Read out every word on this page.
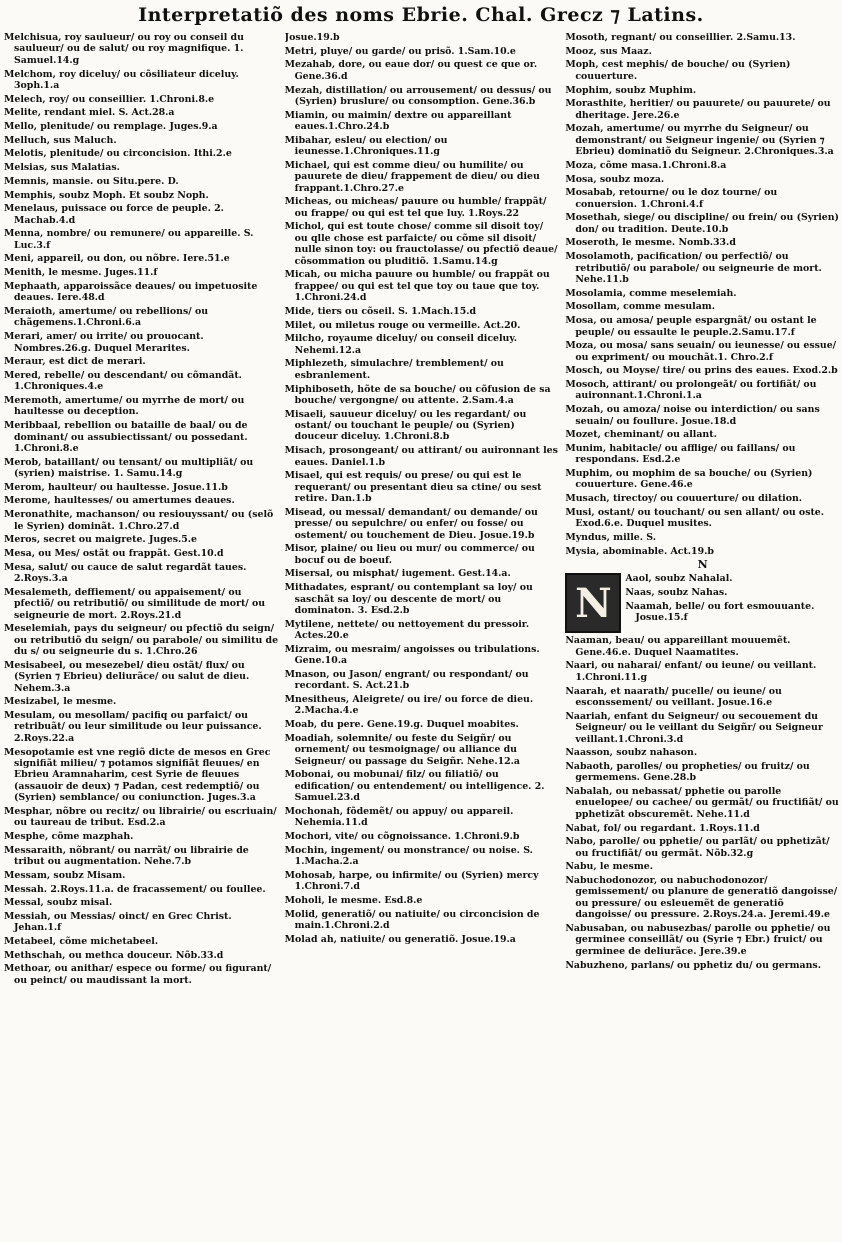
Interpretatiõ des noms Ebrie. Chal. Grecz ⁊ Latins.

Melchisua, roy saulueur/ ou roy ou conseil du saulueur/ ou de salut/ ou roy magnifique. 1. Samuel.14.g

Melchom, roy diceluy/ ou cõsiliateur diceluy. 3oph.1.a

Melech, roy/ ou conseillier. 1.Chroni.8.e

Melite, rendant miel. S. Act.28.a

Mello, plenitude/ ou remplage. Juges.9.a

Melluch, sus Maluch.

Melotis, plenitude/ ou circoncision. Ithi.2.e

Melsias, sus Malatias.

Memnis, mansie. ou Situ.pere. D.

Memphis, soubz Moph. Et soubz Noph.

Menelaus, puissace ou force de peuple. 2. Machab.4.d

Menna, nombre/ ou remunere/ ou appareille. S. Luc.3.f

Meni, appareil, ou don, ou nõbre. Iere.51.e

Menith, le mesme. Juges.11.f

Mephaath, apparoissãce deaues/ ou impetuosite deaues. Iere.48.d

Meraioth, amertume/ ou rebellions/ ou chãgemens.1.Chroni.6.a

Merari, amer/ ou irrite/ ou prouocant. Nombres.26.g. Duquel Merarites.

Meraur, est dict de merari.

Mered, rebelle/ ou descendant/ ou cõmandãt. 1.Chroniques.4.e

Meremoth, amertume/ ou myrrhe de mort/ ou haultesse ou deception.

Meribbaal, rebellion ou bataille de baal/ ou de dominant/ ou assubiectissant/ ou possedant. 1.Chroni.8.e

Merob, bataillant/ ou tensant/ ou multipliãt/ ou (syrien) maistrise. 1. Samu.14.g

Merom, haulteur/ ou haultesse. Josue.11.b

Merome, haultesses/ ou amertumes deaues.

Meronathite, machanson/ ou resiouyssant/ ou (selõ le Syrien) dominãt. 1.Chro.27.d

Meros, secret ou maigrete. Juges.5.e

Mesa, ou Mes/ ostãt ou frappãt. Gest.10.d

Mesa, salut/ ou cauce de salut regardãt taues. 2.Roys.3.a

Mesalemeth, deffiement/ ou appaisement/ ou pfectiõ/ ou retributiõ/ ou similitude de mort/ ou seigneurie de mort. 2.Roys.21.d

Meselemiah, pays du seigneur/ ou pfectiõ du seign/ ou retributiõ du seign/ ou parabole/ ou similitu de du s/ ou seigneurie du s. 1.Chro.26

Mesisabeel, ou mesezebel/ dieu ostãt/ flux/ ou (Syrien ⁊ Ebrieu) deliurãce/ ou salut de dieu. Nehem.3.a

Mesizabel, le mesme.

Mesulam, ou mesollam/ pacifiq ou parfaict/ ou retribuãt/ ou leur similitude ou leur puissance. 2.Roys.22.a

Mesopotamie est vne regiõ dicte de mesos en Grec signifiãt milieu/ ⁊ potamos signifiãt fleuues/ en Ebrieu Aramnaharim, cest Syrie de fleuues (assauoir de deux) ⁊ Padan, cest redemptiõ/ ou (Syrien) semblance/ ou coniunction. Juges.3.a

Mesphar, nõbre ou recitz/ ou librairie/ ou escriuain/ ou taureau de tribut. Esd.2.a

Mesphe, cõme mazphah.

Messaraith, nõbrant/ ou narrãt/ ou librairie de tribut ou augmentation. Nehe.7.b

Messam, soubz Misam.

Messah. 2.Roys.11.a. de fracassement/ ou foullee.

Messal, soubz misal.

Messiah, ou Messias/ oinct/ en Grec Christ. Jehan.1.f

Metabeel, cõme michetabeel.

Methschah, ou methca douceur. Nõb.33.d

Methoar, ou anithar/ espece ou forme/ ou figurant/ ou peinct/ ou maudissant la mort.

Josue.19.b

Metri, pluye/ ou garde/ ou prisõ. 1.Sam.10.e

Mezahab, dore, ou eaue dor/ ou quest ce que or. Gene.36.d

Mezah, distillation/ ou arrousement/ ou dessus/ ou (Syrien) bruslure/ ou consomption. Gene.36.b

Miamin, ou maimin/ dextre ou appareillant eaues.1.Chro.24.b

Mibahar, esleu/ ou election/ ou ieunesse.1.Chroniques.11.g

Michael, qui est comme dieu/ ou humilite/ ou pauurete de dieu/ frappement de dieu/ ou dieu frappant.1.Chro.27.e

Micheas, ou micheas/ pauure ou humble/ frappãt/ ou frappe/ ou qui est tel que luy. 1.Roys.22

Michol, qui est toute chose/ comme sil disoit toy/ ou qlle chose est parfaicte/ ou cõme sil disoit/ nulle sinon toy: ou frauctolasse/ ou pfectiõ deaue/ cõsommation ou pluditiõ. 1.Samu.14.g

Micah, ou micha pauure ou humble/ ou frappãt ou frappee/ ou qui est tel que toy ou taue que toy. 1.Chroni.24.d

Mide, tiers ou cõseil. S. 1.Mach.15.d

Milet, ou miletus rouge ou vermeille. Act.20.

Milcho, royaume diceluy/ ou conseil diceluy. Nehemi.12.a

Miphlezeth, simulachre/ tremblement/ ou esbranlement.

Miphiboseth, hõte de sa bouche/ ou cõfusion de sa bouche/ vergongne/ ou attente. 2.Sam.4.a

Misaeli, sauueur diceluy/ ou les regardant/ ou ostant/ ou touchant le peuple/ ou (Syrien) douceur diceluy. 1.Chroni.8.b

Misach, prosongeant/ ou attirant/ ou auironnant les eaues. Daniel.1.b

Misael, qui est requis/ ou prese/ ou qui est le requerant/ ou presentant dieu sa ctine/ ou sest retire. Dan.1.b

Misead, ou messal/ demandant/ ou demande/ ou presse/ ou sepulchre/ ou enfer/ ou fosse/ ou ostement/ ou touchement de Dieu. Josue.19.b

Misor, plaine/ ou lieu ou mur/ ou commerce/ ou bocuf ou de boeuf.

Misersal, ou misphat/ iugement. Gest.14.a.

Mithadates, esprant/ ou contemplant sa loy/ ou saschãt sa loy/ ou descente de mort/ ou dominaton. 3. Esd.2.b

Mytilene, nettete/ ou nettoyement du pressoir. Actes.20.e

Mizraim, ou mesraim/ angoisses ou tribulations. Gene.10.a

Mnason, ou Jason/ engrant/ ou respondant/ ou recordant. S. Act.21.b

Mnesitheus, Aleigrete/ ou ire/ ou force de dieu. 2.Macha.4.e

Moab, du pere. Gene.19.g. Duquel moabites.

Moadiah, solemnite/ ou feste du Seigñr/ ou ornement/ ou tesmoignage/ ou alliance du Seigneur/ ou passage du Seigñr. Nehe.12.a

Mobonai, ou mobunai/ filz/ ou filiatiõ/ ou edification/ ou entendement/ ou intelligence. 2. Samuel.23.d

Mochonah, fõdemẽt/ ou appuy/ ou appareil. Nehemia.11.d

Mochori, vite/ ou cõgnoissance. 1.Chroni.9.b

Mochin, ingement/ ou monstrance/ ou noise. S. 1.Macha.2.a

Mohosab, harpe, ou infirmite/ ou (Syrien) mercy 1.Chroni.7.d

Moholi, le mesme. Esd.8.e

Molid, generatiõ/ ou natiuite/ ou circoncision de main.1.Chroni.2.d

Molad ah, natiuite/ ou generatiõ. Josue.19.a

Mosoth, regnant/ ou conseillier. 2.Samu.13.

Mooz, sus Maaz.

Moph, cest mephis/ de bouche/ ou (Syrien) couuerture.

Mophim, soubz Muphim.

Morasthite, heritier/ ou pauurete/ ou pauurete/ ou dheritage. Jere.26.e

Mozah, amertume/ ou myrrhe du Seigneur/ ou demonstrant/ ou Seigneur ingenie/ ou (Syrien ⁊ Ebrieu) dominatiõ du Seigneur. 2.Chroniques.3.a

Moza, cõme masa.1.Chroni.8.a

Mosa, soubz moza.

Mosabab, retourne/ ou le doz tourne/ ou conuersion. 1.Chroni.4.f

Mosethah, siege/ ou discipline/ ou frein/ ou (Syrien) don/ ou tradition. Deute.10.b

Moseroth, le mesme. Nomb.33.d

Mosolamoth, pacification/ ou perfectiõ/ ou retributiõ/ ou parabole/ ou seigneurie de mort. Nehe.11.b

Mosolamia, comme meselemiah.

Mosollam, comme mesulam.

Mosa, ou amosa/ peuple espargnãt/ ou ostant le peuple/ ou essaulte le peuple.2.Samu.17.f

Moza, ou mosa/ sans seuain/ ou ieunesse/ ou essue/ ou expriment/ ou mouchãt.1. Chro.2.f

Mosch, ou Moyse/ tire/ ou prins des eaues. Exod.2.b

Mosoch, attirant/ ou prolongeãt/ ou fortifiãt/ ou auironnant.1.Chroni.1.a

Mozah, ou amoza/ noise ou interdiction/ ou sans seuain/ ou foullure. Josue.18.d

Mozet, cheminant/ ou allant.

Munim, habitacle/ ou afflige/ ou faillans/ ou respondans. Esd.2.e

Muphim, ou mophim de sa bouche/ ou (Syrien) couuerture. Gene.46.e

Musach, tirectoy/ ou couuerture/ ou dilation.

Musi, ostant/ ou touchant/ ou sen allant/ ou oste. Exod.6.e. Duquel musites.

Myndus, mille. S.

Mysia, abominable. Act.19.b

N
N

Aaol, soubz Nahalal.

Naas, soubz Nahas.

Naamah, belle/ ou fort esmouuante. Josue.15.f

Naaman, beau/ ou appareillant mouuemẽt. Gene.46.e. Duquel Naamatites.

Naari, ou naharai/ enfant/ ou ieune/ ou veillant. 1.Chroni.11.g

Naarah, et naarath/ pucelle/ ou ieune/ ou esconssement/ ou veillant. Josue.16.e

Naariah, enfant du Seigneur/ ou secouement du Seigneur/ ou le veillant du Seigñr/ ou Seigneur veillant.1.Chroni.3.d

Naasson, soubz nahason.

Nabaoth, parolles/ ou propheties/ ou fruitz/ ou germemens. Gene.28.b

Nabalah, ou nebassat/ pphetie ou parolle enuelopee/ ou cachee/ ou germãt/ ou fructifiãt/ ou pphetizãt obscuremẽt. Nehe.11.d

Nabat, fol/ ou regardant. 1.Roys.11.d

Nabo, parolle/ ou pphetie/ ou parlãt/ ou pphetizãt/ ou fructifiãt/ ou germãt. Nõb.32.g

Nabu, le mesme.

Nabuchodonozor, ou nabuchodonozor/ gemissement/ ou planure de generatiõ dangoisse/ ou pressure/ ou esleuemẽt de generatiõ dangoisse/ ou pressure. 2.Roys.24.a. Jeremi.49.e

Nabusaban, ou nabusezbas/ parolle ou pphetie/ ou germinee conseillãt/ ou (Syrie ⁊ Ebr.) fruict/ ou germinee de deliurãce. Jere.39.e

Nabuzheno, parlans/ ou pphetiz du/ ou germans.
